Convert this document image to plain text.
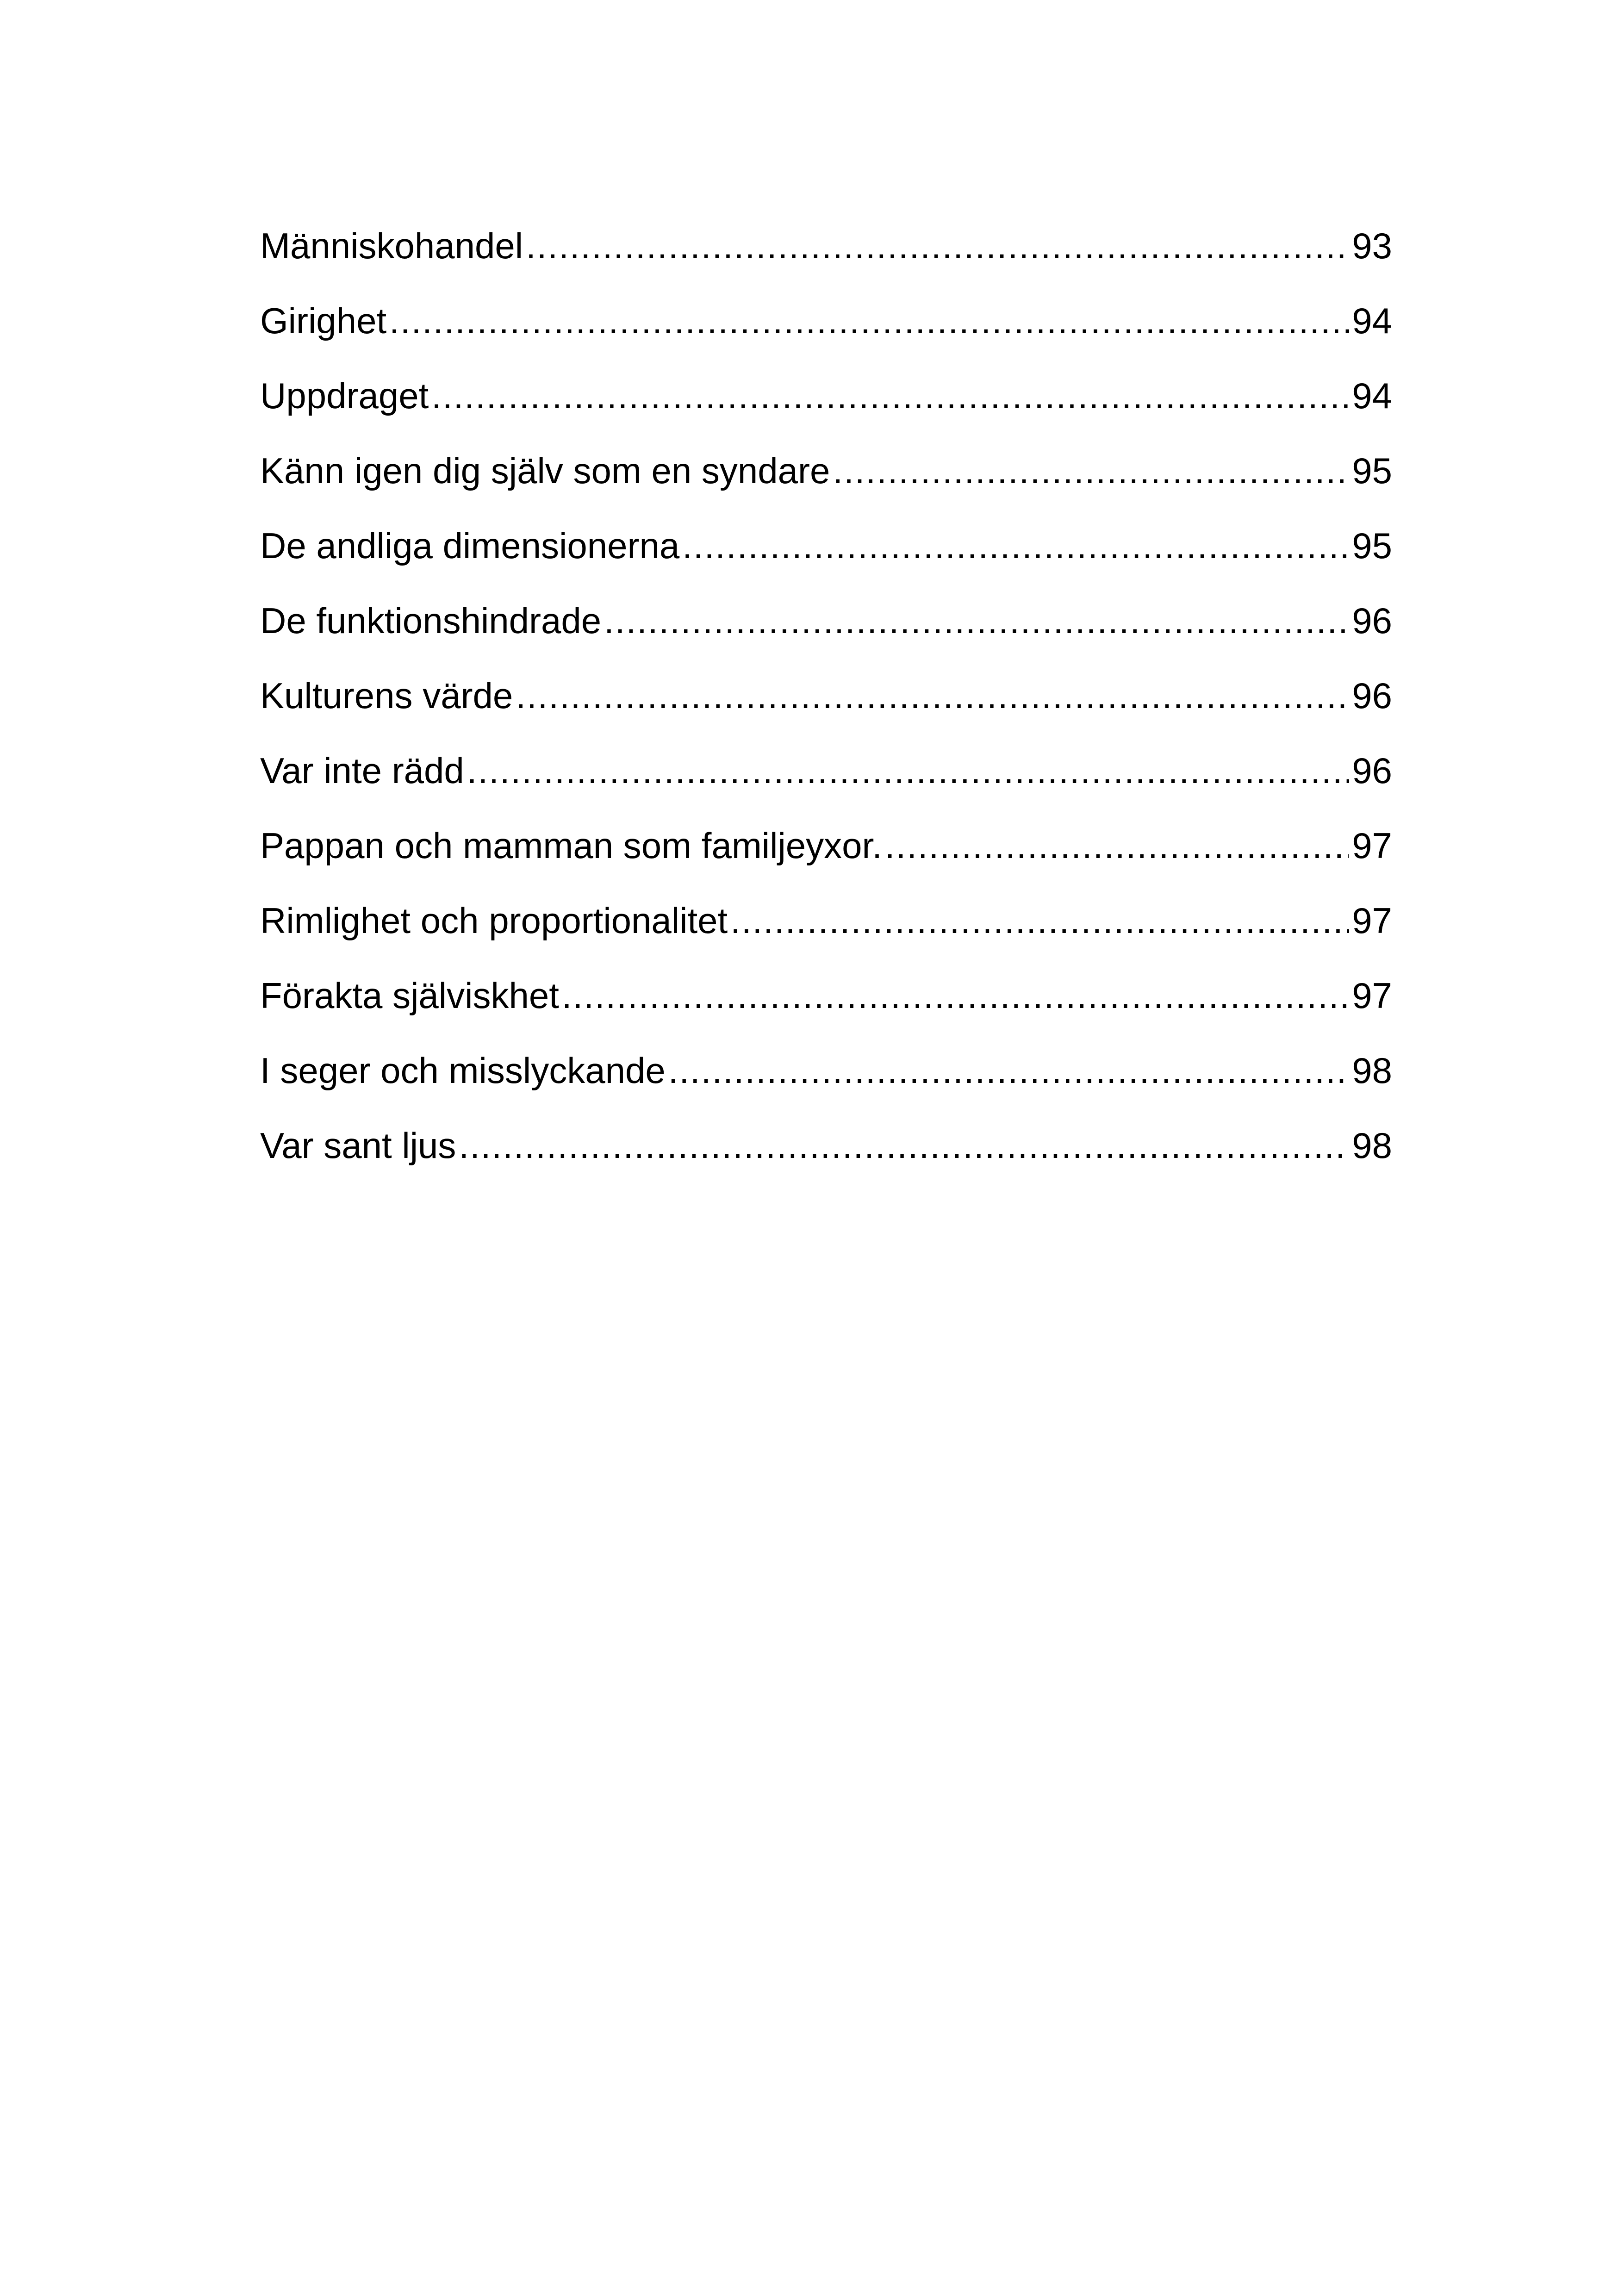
Människohandel .....	93
Girighet .....	94
Uppdraget .....	94
Känn igen dig själv som en syndare .....	95
De andliga dimensionerna .....	95
De funktionshindrade .....	96
Kulturens värde .....	96
Var inte rädd .....	96
Pappan och mamman som familjeyxor. .....	97
Rimlighet och proportionalitet .....	97
Förakta själviskhet .....	97
I seger och misslyckande .....	98
Var sant ljus .....	98
